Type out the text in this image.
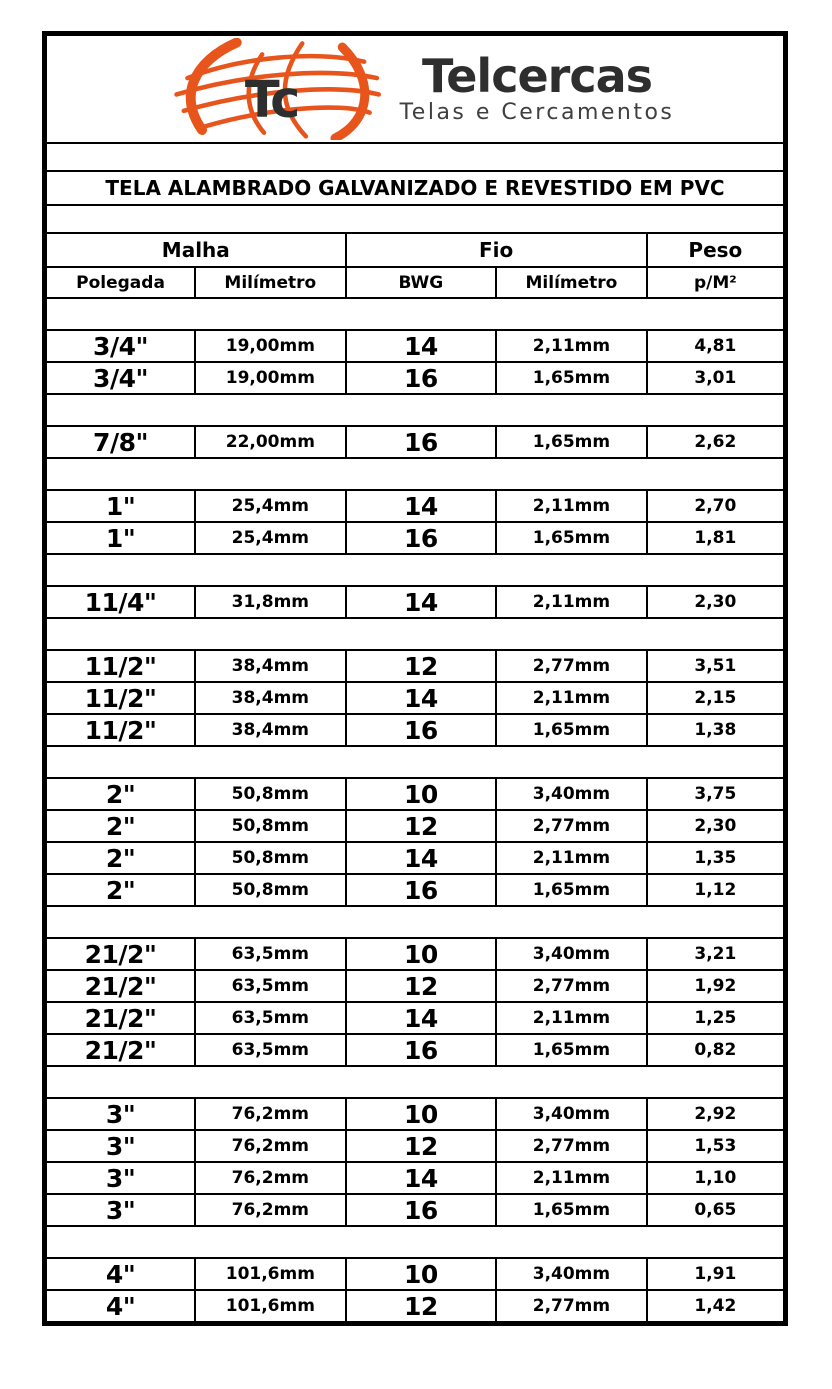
Tc Telcercas
Telas e Cercamentos				

TELA ALAMBRADO GALVANIZADO E REVESTIDO EM PVC				

Malha		Fio		Peso
Polegada	Milímetro	BWG	Milímetro	p/M²

3/4"	19,00mm	14	2,11mm	4,81
3/4"	19,00mm	16	1,65mm	3,01

7/8"	22,00mm	16	1,65mm	2,62

1"	25,4mm	14	2,11mm	2,70
1"	25,4mm	16	1,65mm	1,81

11/4"	31,8mm	14	2,11mm	2,30

11/2"	38,4mm	12	2,77mm	3,51
11/2"	38,4mm	14	2,11mm	2,15
11/2"	38,4mm	16	1,65mm	1,38

2"	50,8mm	10	3,40mm	3,75
2"	50,8mm	12	2,77mm	2,30
2"	50,8mm	14	2,11mm	1,35
2"	50,8mm	16	1,65mm	1,12

21/2"	63,5mm	10	3,40mm	3,21
21/2"	63,5mm	12	2,77mm	1,92
21/2"	63,5mm	14	2,11mm	1,25
21/2"	63,5mm	16	1,65mm	0,82

3"	76,2mm	10	3,40mm	2,92
3"	76,2mm	12	2,77mm	1,53
3"	76,2mm	14	2,11mm	1,10
3"	76,2mm	16	1,65mm	0,65

4"	101,6mm	10	3,40mm	1,91
4"	101,6mm	12	2,77mm	1,42
